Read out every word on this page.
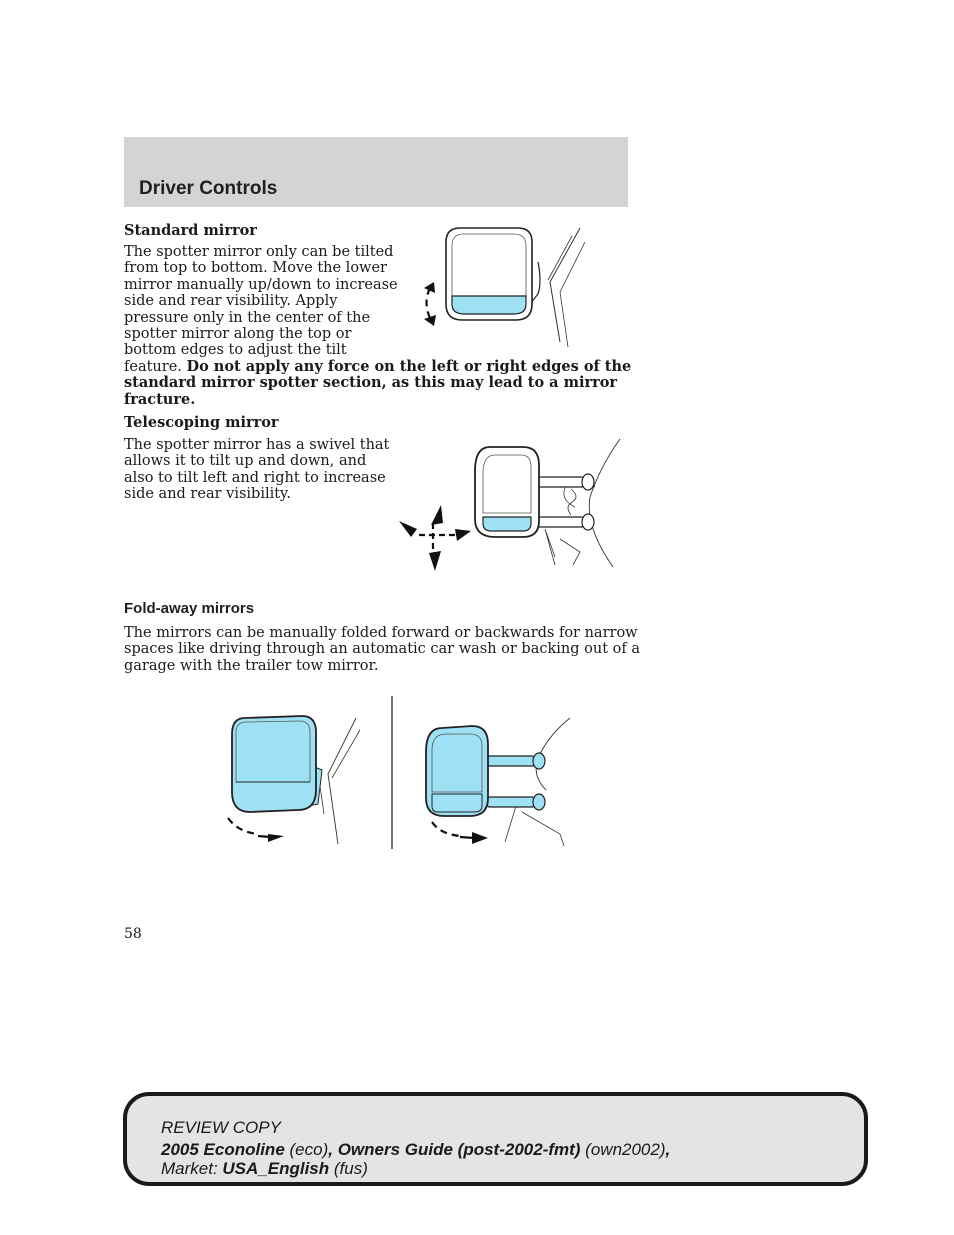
Driver Controls
Standard mirror
The spotter mirror only can be tilted
from top to bottom. Move the lower
mirror manually up/down to increase
side and rear visibility. Apply
pressure only in the center of the
spotter mirror along the top or
bottom edges to adjust the tilt
feature. Do not apply any force on the left or right edges of the
standard mirror spotter section, as this may lead to a mirror
fracture.
Telescoping mirror
The spotter mirror has a swivel that
allows it to tilt up and down, and
also to tilt left and right to increase
side and rear visibility.
Fold-away mirrors
The mirrors can be manually folded forward or backwards for narrow
spaces like driving through an automatic car wash or backing out of a
garage with the trailer tow mirror.
58
REVIEW COPY
2005 Econoline (eco), Owners Guide (post-2002-fmt) (own2002),
Market: USA_English (fus)
